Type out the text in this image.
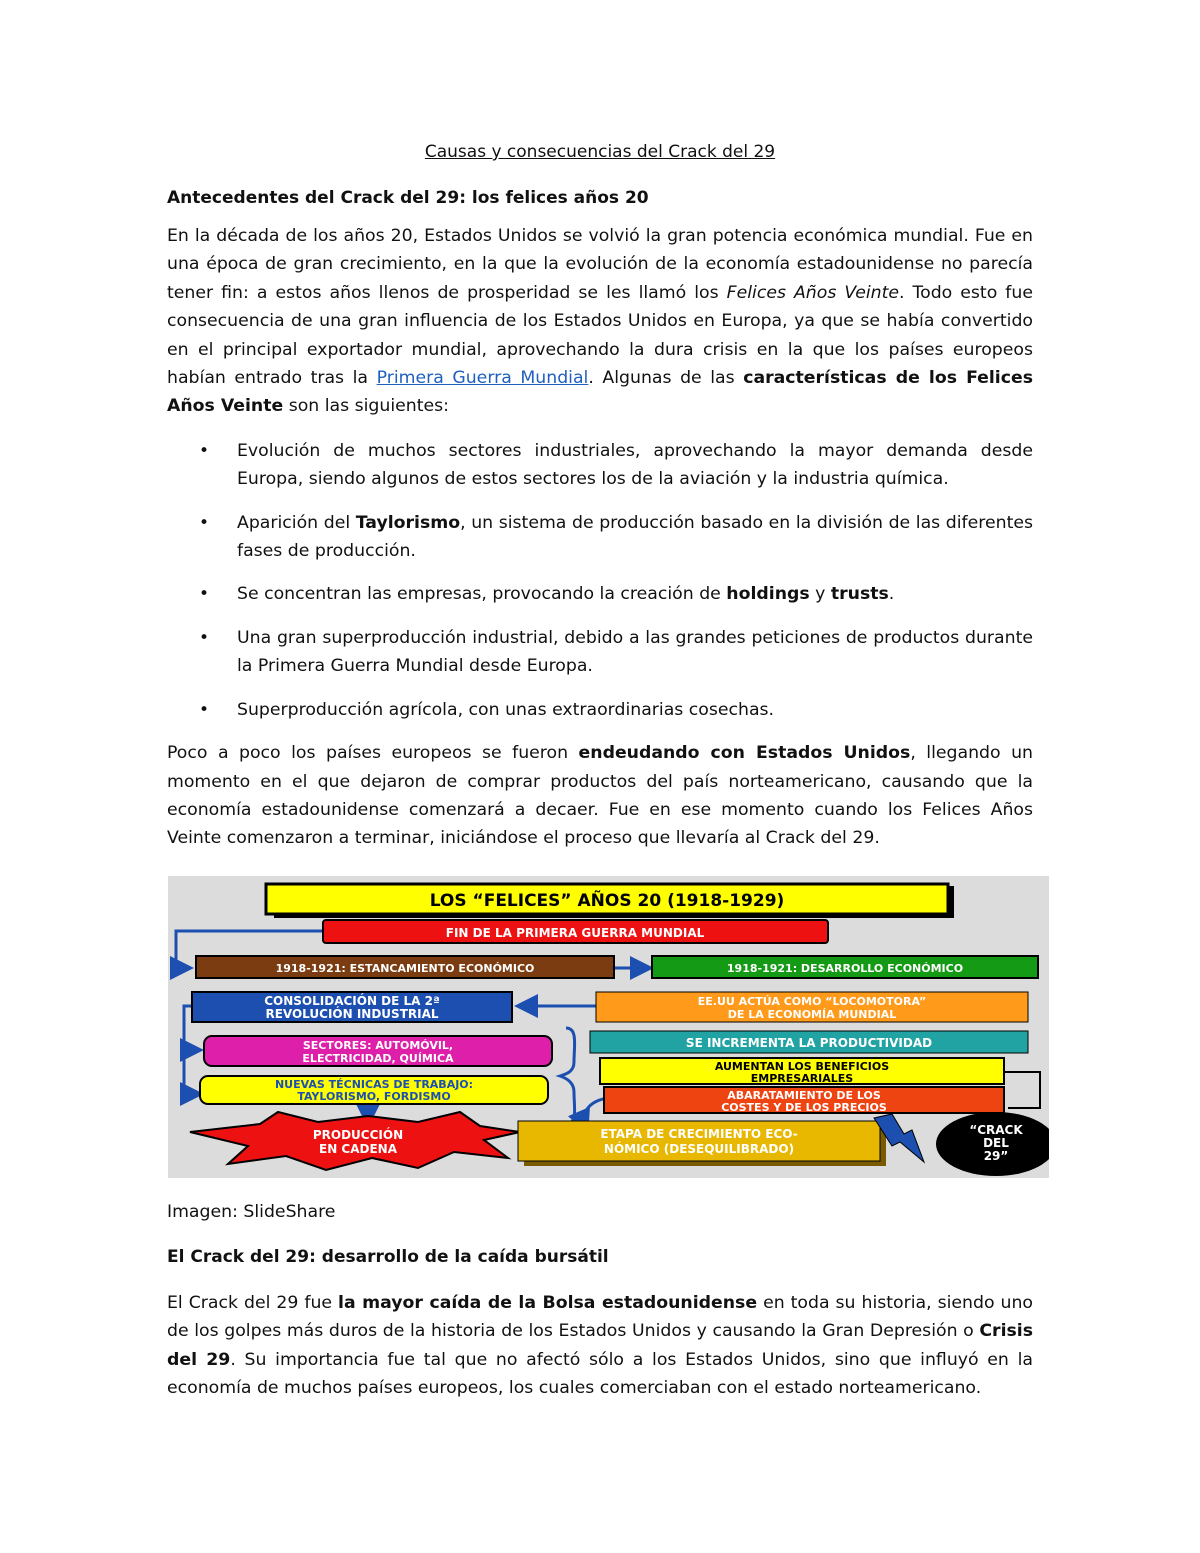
Causas y consecuencias del Crack del 29

Antecedentes del Crack del 29: los felices años 20

En la década de los años 20, Estados Unidos se volvió la gran potencia económica mundial. Fue en una época de gran crecimiento, en la que la evolución de la economía estadounidense no parecía tener fin: a estos años llenos de prosperidad se les llamó los Felices Años Veinte. Todo esto fue consecuencia de una gran influencia de los Estados Unidos en Europa, ya que se había convertido en el principal exportador mundial, aprovechando la dura crisis en la que los países europeos habían entrado tras la Primera Guerra Mundial. Algunas de las características de los Felices Años Veinte son las siguientes:

• Evolución de muchos sectores industriales, aprovechando la mayor demanda desde Europa, siendo algunos de estos sectores los de la aviación y la industria química.
• Aparición del Taylorismo, un sistema de producción basado en la división de las diferentes fases de producción.
• Se concentran las empresas, provocando la creación de holdings y trusts.
• Una gran superproducción industrial, debido a las grandes peticiones de productos durante la Primera Guerra Mundial desde Europa.
• Superproducción agrícola, con unas extraordinarias cosechas.

Poco a poco los países europeos se fueron endeudando con Estados Unidos, llegando un momento en el que dejaron de comprar productos del país norteamericano, causando que la economía estadounidense comenzará a decaer. Fue en ese momento cuando los Felices Años Veinte comenzaron a terminar, iniciándose el proceso que llevaría al Crack del 29.

LOS “FELICES” AÑOS 20 (1918-1929)
FIN DE LA PRIMERA GUERRA MUNDIAL
1918-1921: ESTANCAMIENTO ECONÓMICO	1918-1921: DESARROLLO ECONÓMICO
CONSOLIDACIÓN DE LA 2ª
REVOLUCIÓN INDUSTRIAL
EE.UU ACTÚA COMO “LOCOMOTORA”
DE LA ECONOMÍA MUNDIAL
SECTORES: AUTOMÓVIL,
ELECTRICIDAD, QUÍMICA
SE INCREMENTA LA PRODUCTIVIDAD
AUMENTAN LOS BENEFICIOS
EMPRESARIALES
NUEVAS TÉCNICAS DE TRABAJO:
TAYLORISMO, FORDISMO	ABARATAMIENTO DE LOS
COSTES Y DE LOS PRECIOS
PRODUCCIÓN
EN CADENA
ETAPA DE CRECIMIENTO ECO-
NÓMICO (DESEQUILIBRADO)
“CRACK
DEL
29”
Imagen: SlideShare

El Crack del 29: desarrollo de la caída bursátil

El Crack del 29 fue la mayor caída de la Bolsa estadounidense en toda su historia, siendo uno de los golpes más duros de la historia de los Estados Unidos y causando la Gran Depresión o Crisis del 29. Su importancia fue tal que no afectó sólo a los Estados Unidos, sino que influyó en la economía de muchos países europeos, los cuales comerciaban con el estado norteamericano.
